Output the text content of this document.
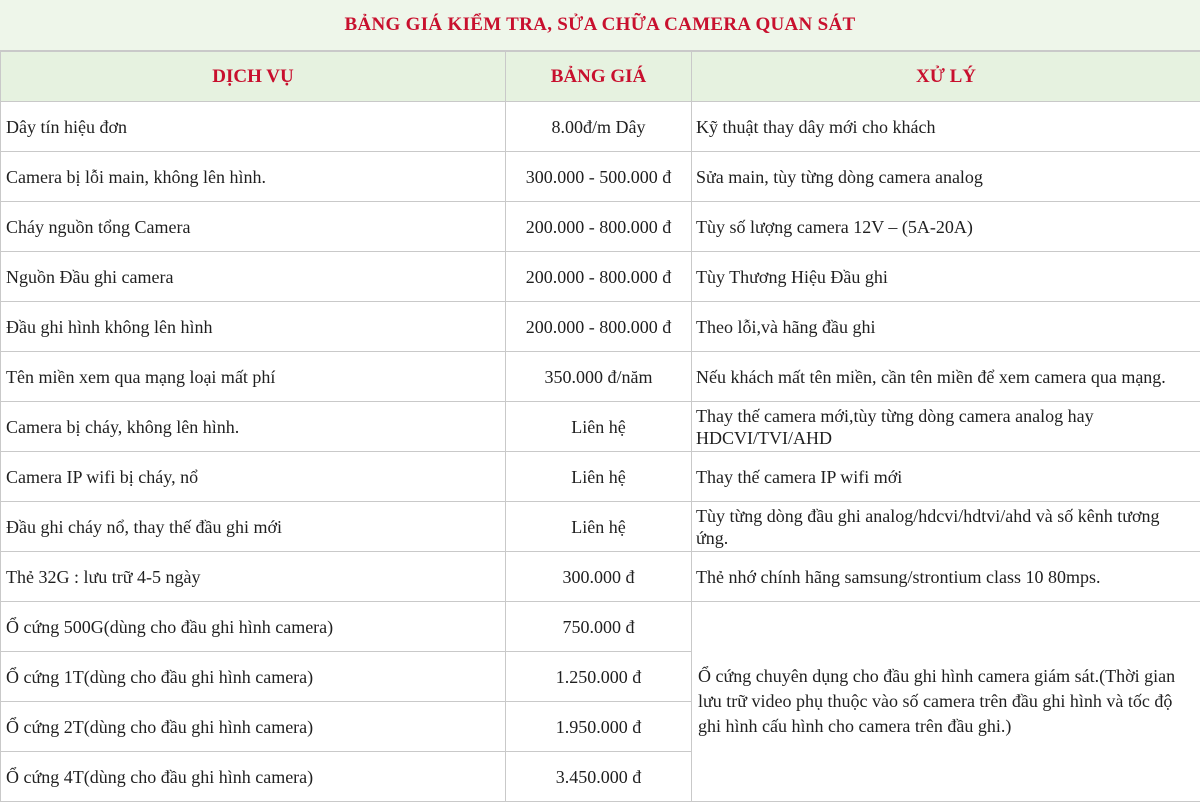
BẢNG GIÁ KIỂM TRA, SỬA CHỮA CAMERA QUAN SÁT
DỊCH VỤ	BẢNG GIÁ	XỬ LÝ
Dây tín hiệu đơn	8.00đ/m Dây	Kỹ thuật thay dây mới cho khách
Camera bị lỗi main, không lên hình.	300.000 - 500.000 đ	Sửa main, tùy từng dòng camera analog
Cháy nguồn tổng Camera	200.000 - 800.000 đ	Tùy số lượng camera 12V – (5A-20A)
Nguồn Đầu ghi camera	200.000 - 800.000 đ	Tùy Thương Hiệu Đầu ghi
Đầu ghi hình không lên hình	200.000 - 800.000 đ	Theo lỗi,và hãng đầu ghi
Tên miền xem qua mạng loại mất phí	350.000 đ/năm	Nếu khách mất tên miền, cần tên miền để xem camera qua mạng.
Camera bị cháy, không lên hình.	Liên hệ	Thay thế camera mới,tùy từng dòng camera analog hay HDCVI/TVI/AHD
Camera IP wifi bị cháy, nổ	Liên hệ	Thay thế camera IP wifi mới
Đầu ghi cháy nổ, thay thế đầu ghi mới	Liên hệ	Tùy từng dòng đầu ghi analog/hdcvi/hdtvi/ahd và số kênh tương ứng.
Thẻ 32G : lưu trữ 4-5 ngày	300.000 đ	Thẻ nhớ chính hãng samsung/strontium class 10 80mps.
Ổ cứng 500G(dùng cho đầu ghi hình camera)	750.000 đ	Ổ cứng chuyên dụng cho đầu ghi hình camera giám sát.(Thời gian lưu trữ video phụ thuộc vào số camera trên đầu ghi hình và tốc độ ghi hình cấu hình cho camera trên đầu ghi.)
Ổ cứng 1T(dùng cho đầu ghi hình camera)	1.250.000 đ	
Ổ cứng 2T(dùng cho đầu ghi hình camera)	1.950.000 đ	
Ổ cứng 4T(dùng cho đầu ghi hình camera)	3.450.000 đ	
